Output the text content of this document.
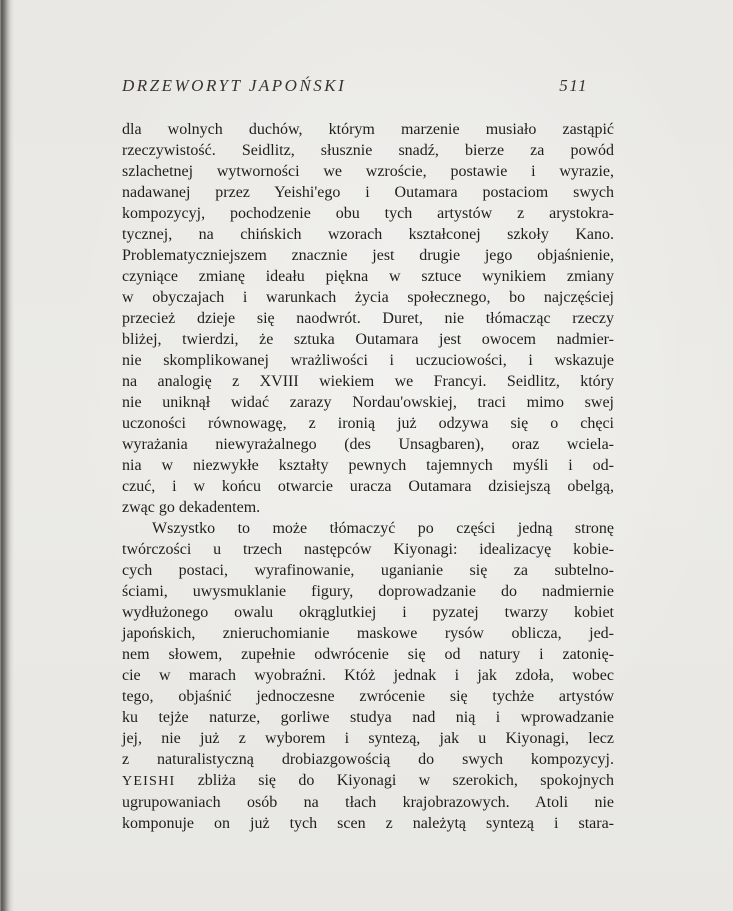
DRZEWORYT JAPOŃSKI	511
dla wolnych duchów, którym marzenie musiało zastąpić
rzeczywistość. Seidlitz, słusznie snadź, bierze za powód
szlachetnej wytworności we wzroście, postawie i wyrazie,
nadawanej przez Yeishi'ego i Outamara postaciom swych
kompozycyj, pochodzenie obu tych artystów z arystokra-
tycznej, na chińskich wzorach kształconej szkoły Kano.
Problematyczniejszem znacznie jest drugie jego objaśnienie,
czyniące zmianę ideału piękna w sztuce wynikiem zmiany
w obyczajach i warunkach życia społecznego, bo najczęściej
przecież dzieje się naodwrót. Duret, nie tłómacząc rzeczy
bliżej, twierdzi, że sztuka Outamara jest owocem nadmier-
nie skomplikowanej wrażliwości i uczuciowości, i wskazuje
na analogię z XVIII wiekiem we Francyi. Seidlitz, który
nie uniknął widać zarazy Nordau'owskiej, traci mimo swej
uczoności równowagę, z ironią już odzywa się o chęci
wyrażania niewyrażalnego (des Unsagbaren), oraz wciela-
nia w niezwykłe kształty pewnych tajemnych myśli i od-
czuć, i w końcu otwarcie uracza Outamara dzisiejszą obelgą,
zwąc go dekadentem.
Wszystko to może tłómaczyć po części jedną stronę
twórczości u trzech następców Kiyonagi: idealizacyę kobie-
cych postaci, wyrafinowanie, uganianie się za subtelno-
ściami, uwysmuklanie figury, doprowadzanie do nadmiernie
wydłużonego owalu okrąglutkiej i pyzatej twarzy kobiet
japońskich, znieruchomianie maskowe rysów oblicza, jed-
nem słowem, zupełnie odwrócenie się od natury i zatonię-
cie w marach wyobraźni. Któż jednak i jak zdoła, wobec
tego, objaśnić jednoczesne zwrócenie się tychże artystów
ku tejże naturze, gorliwe studya nad nią i wprowadzanie
jej, nie już z wyborem i syntezą, jak u Kiyonagi, lecz
z naturalistyczną drobiazgowością do swych kompozycyj.
YEISHI zbliża się do Kiyonagi w szerokich, spokojnych
ugrupowaniach osób na tłach krajobrazowych. Atoli nie
komponuje on już tych scen z należytą syntezą i stara-
